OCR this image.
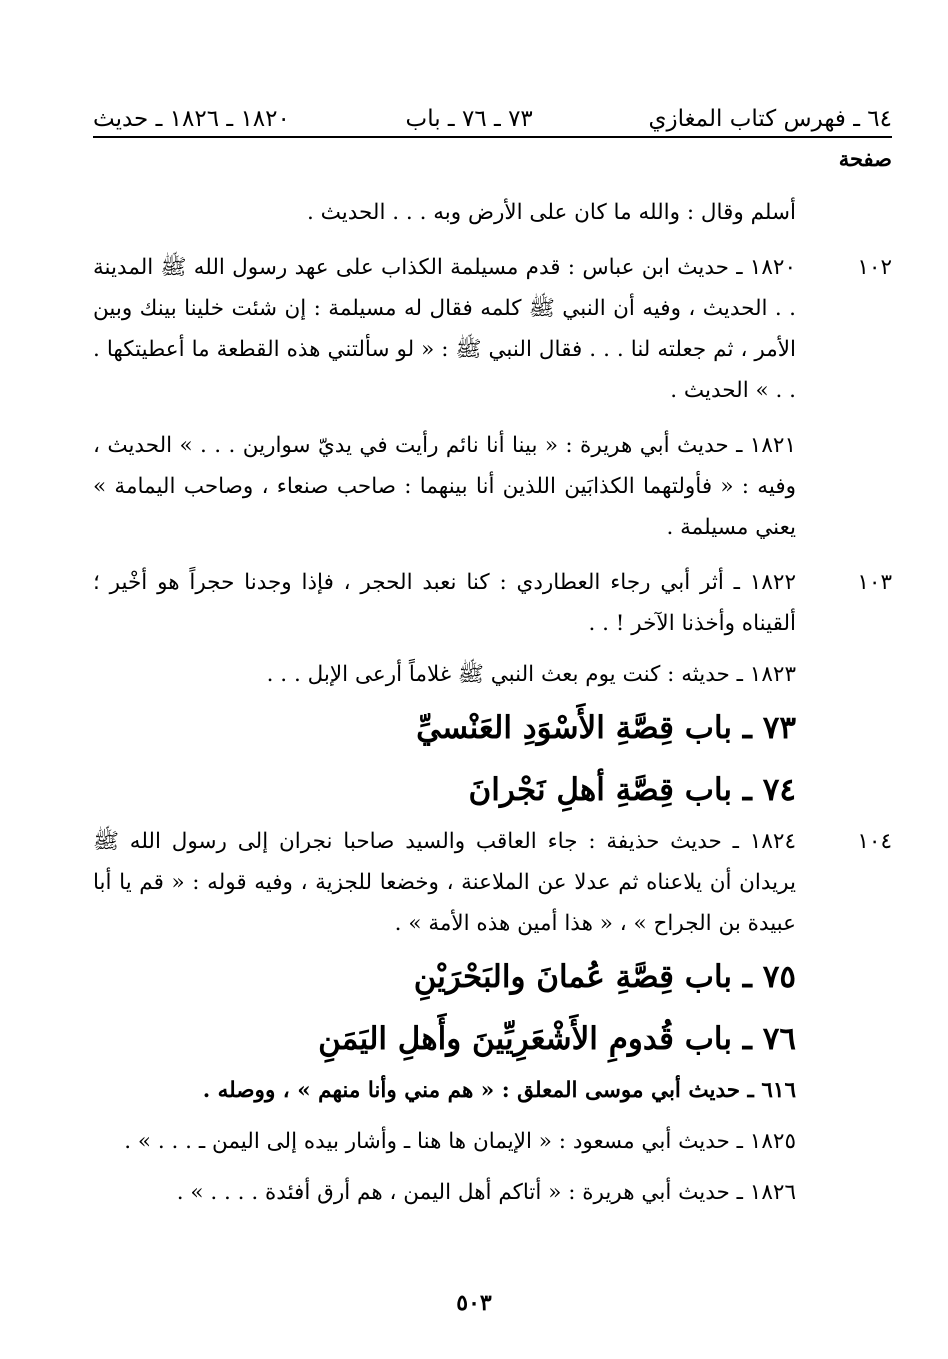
٦٤ ـ فهرس كتاب المغازي
٧٣ ـ ٧٦ ـ باب
١٨٢٠ ـ ١٨٢٦ ـ حديث
صفحة
أسلم وقال : والله ما كان على الأرض وبه . . . الحديث .
١٠٢
١٨٢٠ ـ حديث ابن عباس : قدم مسيلمة الكذاب على عهد رسول الله ﷺ المدينة . . الحديث ، وفيه أن النبي ﷺ كلمه فقال له مسيلمة : إن شئت خلينا بينك وبين الأمر ، ثم جعلته لنا . . . فقال النبي ﷺ : « لو سألتني هذه القطعة ما أعطيتكها . . . » الحديث .
١٨٢١ ـ حديث أبي هريرة : « بينا أنا نائم رأيت في يديّ سوارين . . . » الحديث ، وفيه : « فأولتهما الكذابَين اللذين أنا بينهما : صاحب صنعاء ، وصاحب اليمامة » يعني مسيلمة .
١٠٣
١٨٢٢ ـ أثر أبي رجاء العطاردي : كنا نعبد الحجر ، فإذا وجدنا حجراً هو أخْير ؛ ألقيناه وأخذنا الآخر ! . .
١٨٢٣ ـ حديثه : كنت يوم بعث النبي ﷺ غلاماً أرعى الإبل . . .
٧٣ ـ باب قِصَّةِ الأَسْوَدِ العَنْسيِّ
٧٤ ـ باب قِصَّةِ أهلِ نَجْرانَ
١٠٤
١٨٢٤ ـ حديث حذيفة : جاء العاقب والسيد صاحبا نجران إلى رسول الله ﷺ يريدان أن يلاعناه ثم عدلا عن الملاعنة ، وخضعا للجزية ، وفيه قوله : « قم يا أبا عبيدة بن الجراح » ، « هذا أمين هذه الأمة » .
٧٥ ـ باب قِصَّةِ عُمانَ والبَحْرَيْنِ
٧٦ ـ باب قُدومِ الأَشْعَرِيِّينَ وأَهلِ اليَمَنِ
٦١٦ ـ حديث أبي موسى المعلق : « هم مني وأنا منهم » ، ووصله .
١٨٢٥ ـ حديث أبي مسعود : « الإيمان ها هنا ـ وأشار بيده إلى اليمن ـ . . . » .
١٨٢٦ ـ حديث أبي هريرة : « أتاكم أهل اليمن ، هم أرق أفئدة . . . . » .
٥٠٣
